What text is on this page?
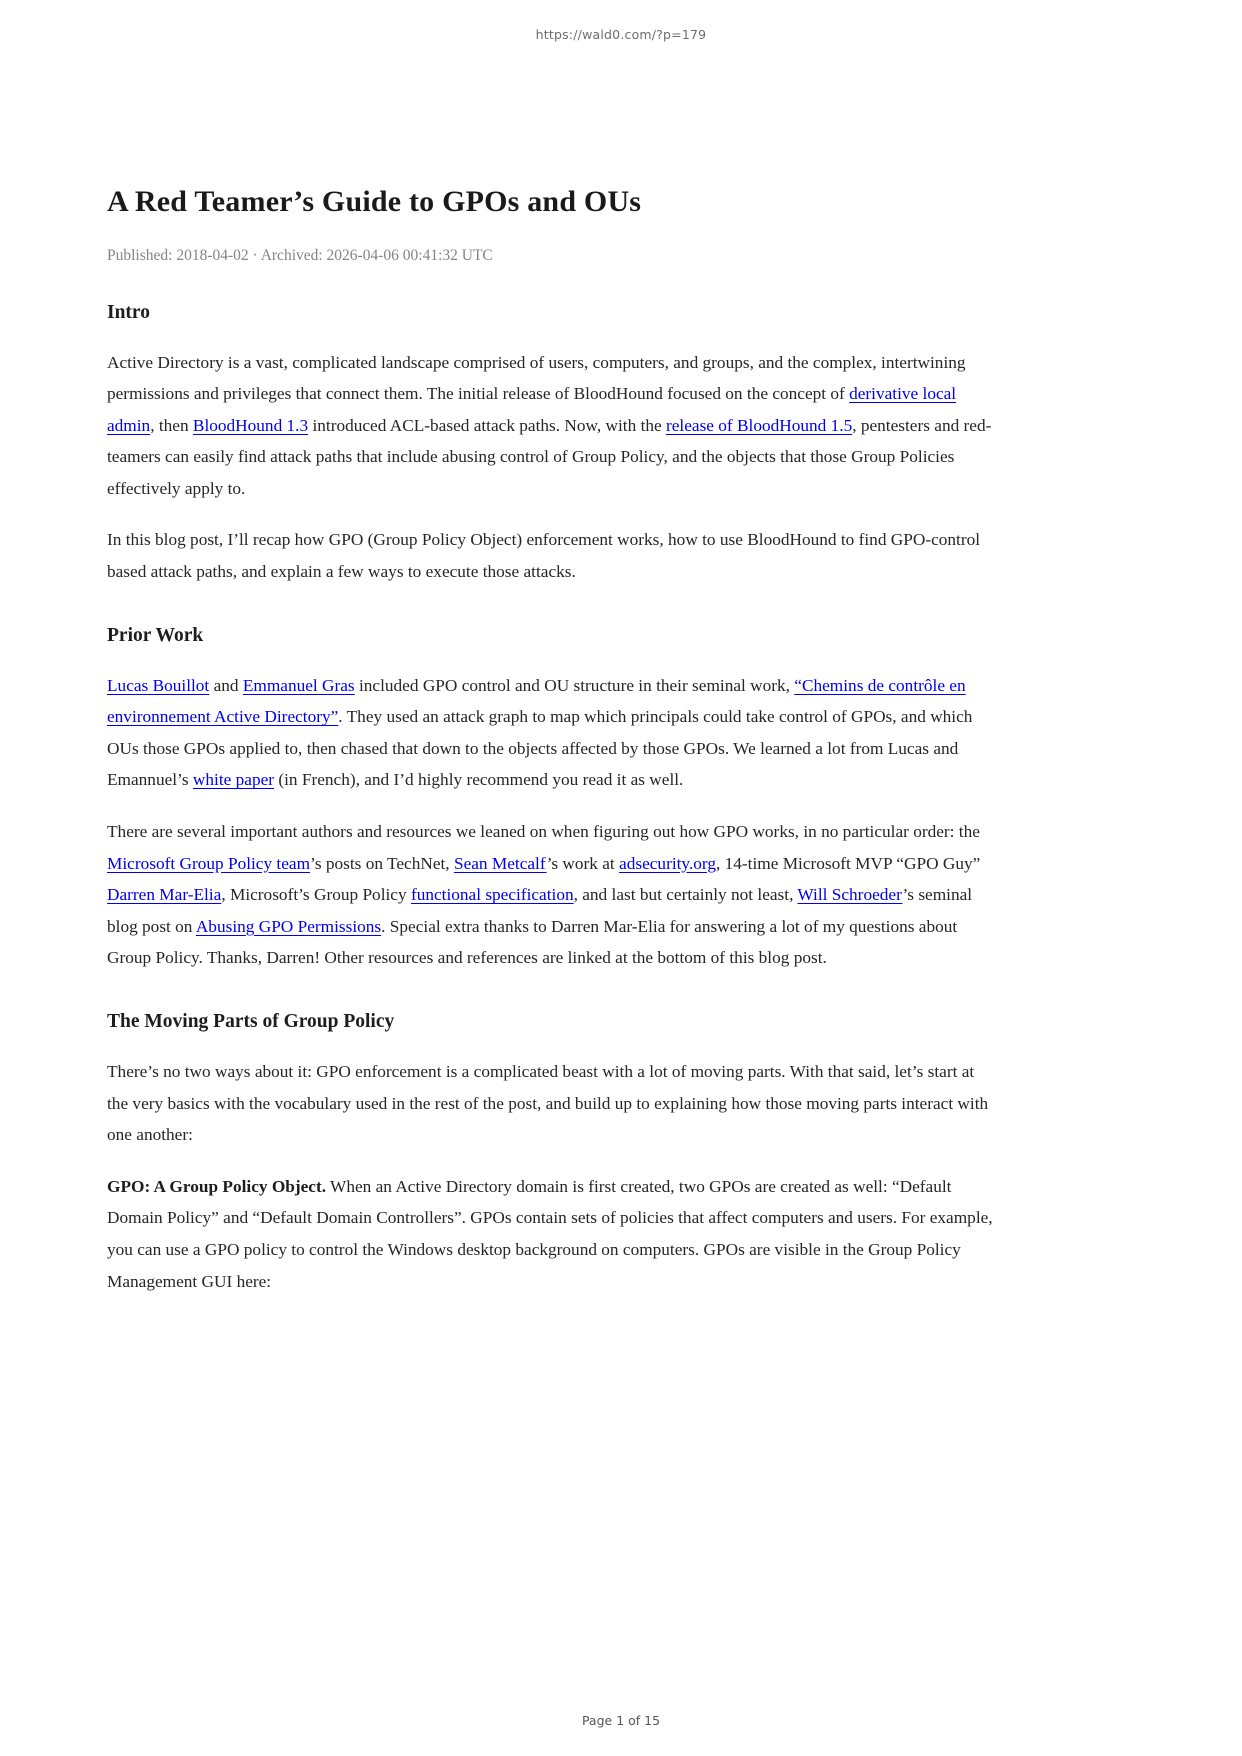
https://wald0.com/?p=179
A Red Teamer’s Guide to GPOs and OUs
Published: 2018-04-02 · Archived: 2026-04-06 00:41:32 UTC
Intro

Active Directory is a vast, complicated landscape comprised of users, computers, and groups, and the complex, intertwining permissions and privileges that connect them. The initial release of BloodHound focused on the concept of derivative local admin, then BloodHound 1.3 introduced ACL-based attack paths. Now, with the release of BloodHound 1.5, pentesters and red-teamers can easily find attack paths that include abusing control of Group Policy, and the objects that those Group Policies effectively apply to.

In this blog post, I’ll recap how GPO (Group Policy Object) enforcement works, how to use BloodHound to find GPO-control based attack paths, and explain a few ways to execute those attacks.

Prior Work

Lucas Bouillot and Emmanuel Gras included GPO control and OU structure in their seminal work, “Chemins de contrôle en environnement Active Directory”. They used an attack graph to map which principals could take control of GPOs, and which OUs those GPOs applied to, then chased that down to the objects affected by those GPOs. We learned a lot from Lucas and Emannuel’s white paper (in French), and I’d highly recommend you read it as well.

There are several important authors and resources we leaned on when figuring out how GPO works, in no particular order: the Microsoft Group Policy team’s posts on TechNet, Sean Metcalf’s work at adsecurity.org, 14-time Microsoft MVP “GPO Guy” Darren Mar-Elia, Microsoft’s Group Policy functional specification, and last but certainly not least, Will Schroeder’s seminal blog post on Abusing GPO Permissions. Special extra thanks to Darren Mar-Elia for answering a lot of my questions about Group Policy. Thanks, Darren! Other resources and references are linked at the bottom of this blog post.

The Moving Parts of Group Policy

There’s no two ways about it: GPO enforcement is a complicated beast with a lot of moving parts. With that said, let’s start at the very basics with the vocabulary used in the rest of the post, and build up to explaining how those moving parts interact with one another:

GPO: A Group Policy Object. When an Active Directory domain is first created, two GPOs are created as well: “Default Domain Policy” and “Default Domain Controllers”. GPOs contain sets of policies that affect computers and users. For example, you can use a GPO policy to control the Windows desktop background on computers. GPOs are visible in the Group Policy Management GUI here:

Page 1 of 15
